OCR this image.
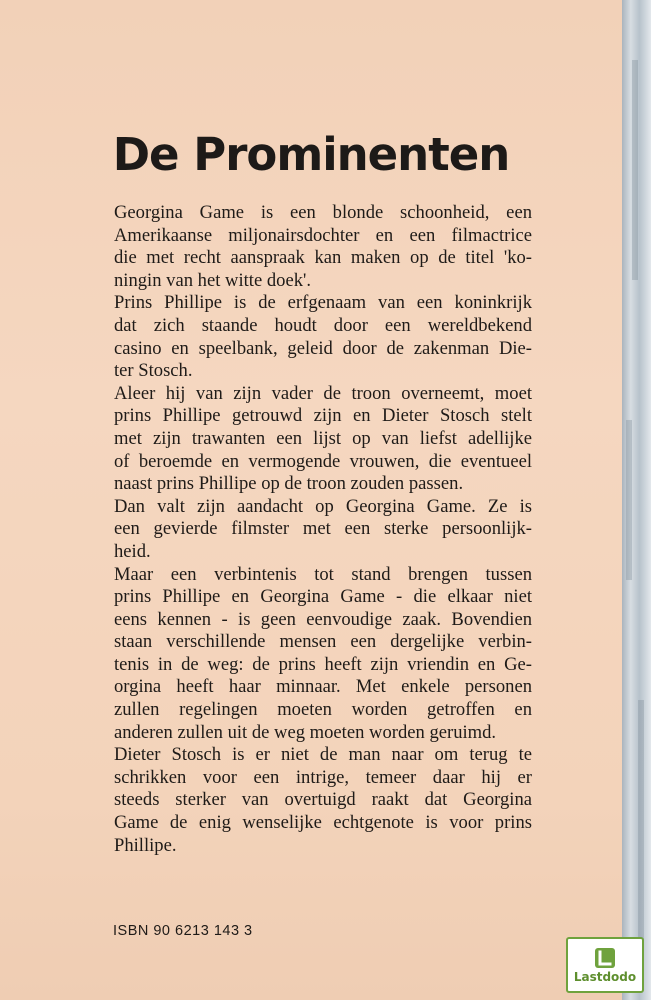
De Prominenten

Georgina Game is een blonde schoonheid, een
Amerikaanse miljonairsdochter en een filmactrice
die met recht aanspraak kan maken op de titel 'ko-
ningin van het witte doek'.

Prins Phillipe is de erfgenaam van een koninkrijk
dat zich staande houdt door een wereldbekend
casino en speelbank, geleid door de zakenman Die-
ter Stosch.

Aleer hij van zijn vader de troon overneemt, moet
prins Phillipe getrouwd zijn en Dieter Stosch stelt
met zijn trawanten een lijst op van liefst adellijke
of beroemde en vermogende vrouwen, die eventueel
naast prins Phillipe op de troon zouden passen.

Dan valt zijn aandacht op Georgina Game. Ze is
een gevierde filmster met een sterke persoonlijk-
heid.

Maar een verbintenis tot stand brengen tussen
prins Phillipe en Georgina Game - die elkaar niet
eens kennen - is geen eenvoudige zaak. Bovendien
staan verschillende mensen een dergelijke verbin-
tenis in de weg: de prins heeft zijn vriendin en Ge-
orgina heeft haar minnaar. Met enkele personen
zullen regelingen moeten worden getroffen en
anderen zullen uit de weg moeten worden geruimd.

Dieter Stosch is er niet de man naar om terug te
schrikken voor een intrige, temeer daar hij er
steeds sterker van overtuigd raakt dat Georgina
Game de enig wenselijke echtgenote is voor prins
Phillipe.

ISBN 90 6213 143 3
Lastdodo
